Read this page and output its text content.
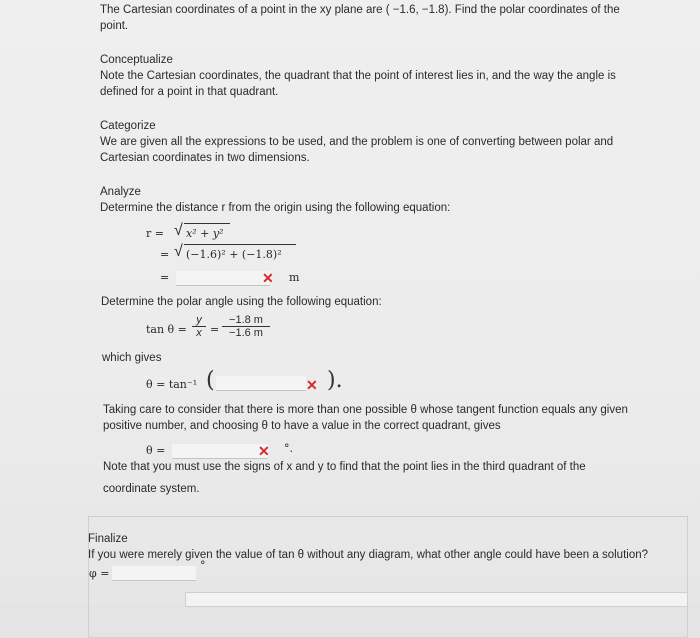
The Cartesian coordinates of a point in the xy plane are ( −1.6, −1.8). Find the polar coordinates of the
point.
Conceptualize
Note the Cartesian coordinates, the quadrant that the point of interest lies in, and the way the angle is
defined for a point in that quadrant.
Categorize
We are given all the expressions to be used, and the problem is one of converting between polar and
Cartesian coordinates in two dimensions.
Analyze
Determine the distance r from the origin using the following equation:
r = √ x² + y²
= √ (−1.6)² + (−1.8)²
=	✕ m
Determine the polar angle using the following equation:
$\tan \theta = \frac{y}{x} = \frac{-1.8 m}{-1.6 m}$
which gives
θ = tan⁻¹ (	✕ ).
Taking care to consider that there is more than one possible θ whose tangent function equals any given
positive number, and choosing θ to have a value in the correct quadrant, gives
θ =	✕ °.
Note that you must use the signs of x and y to find that the point lies in the third quadrant of the
coordinate system.
Finalize
If you were merely given the value of tan θ without any diagram, what other angle could have been a solution?
φ =
°
